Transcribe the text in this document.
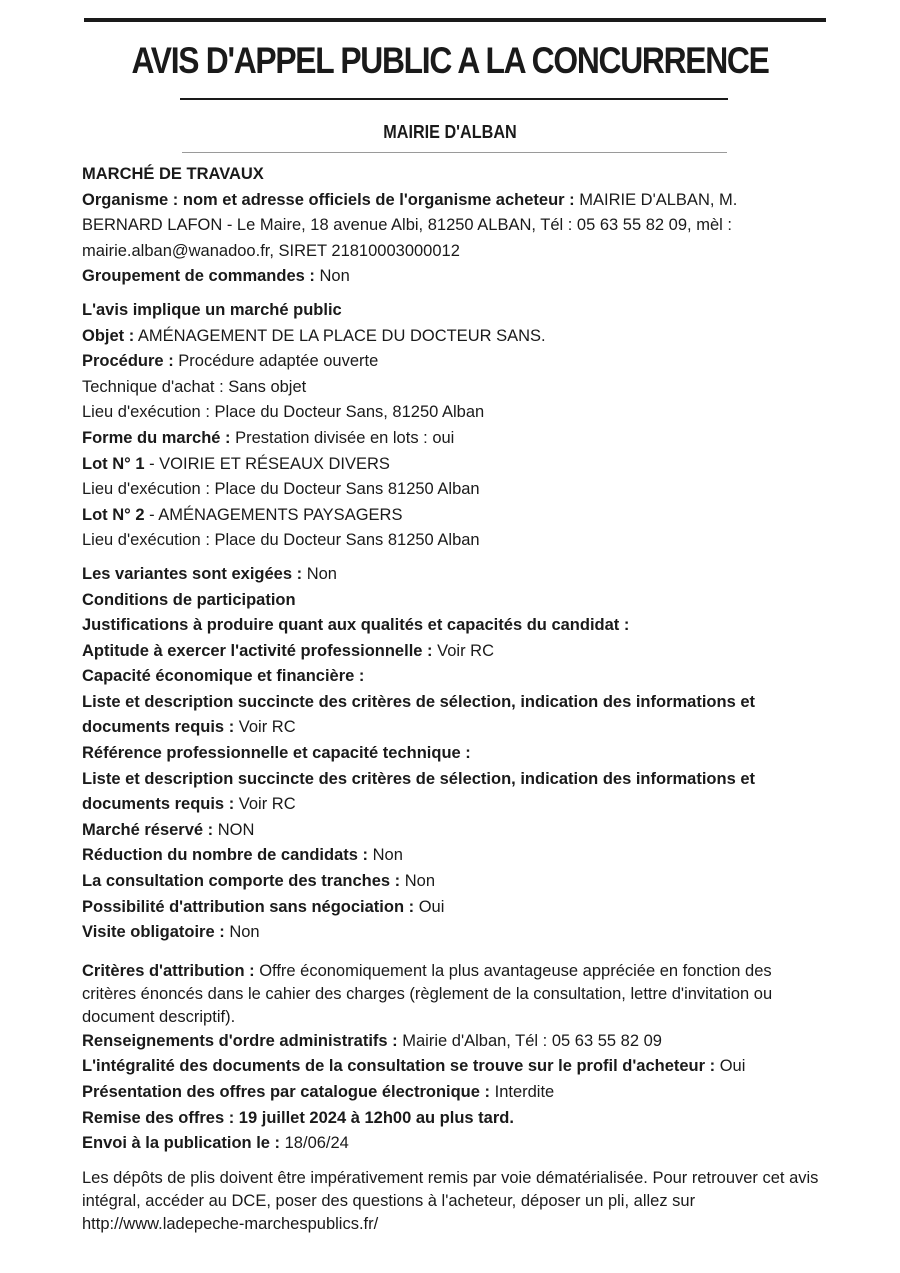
AVIS D'APPEL PUBLIC A LA CONCURRENCE
MAIRIE D'ALBAN

MARCHÉ DE TRAVAUX

Organisme : nom et adresse officiels de l'organisme acheteur : MAIRIE D'ALBAN, M. BERNARD LAFON - Le Maire, 18 avenue Albi, 81250 ALBAN, Tél : 05 63 55 82 09, mèl : mairie.alban@wanadoo.fr, SIRET 21810003000012

Groupement de commandes : Non

L'avis implique un marché public

Objet : AMÉNAGEMENT DE LA PLACE DU DOCTEUR SANS.

Procédure : Procédure adaptée ouverte

Technique d'achat : Sans objet

Lieu d'exécution : Place du Docteur Sans, 81250 Alban

Forme du marché : Prestation divisée en lots : oui

Lot N° 1 - VOIRIE ET RÉSEAUX DIVERS

Lieu d'exécution : Place du Docteur Sans 81250 Alban

Lot N° 2 - AMÉNAGEMENTS PAYSAGERS

Lieu d'exécution : Place du Docteur Sans 81250 Alban

Les variantes sont exigées : Non

Conditions de participation

Justifications à produire quant aux qualités et capacités du candidat :

Aptitude à exercer l'activité professionnelle : Voir RC

Capacité économique et financière :

Liste et description succincte des critères de sélection, indication des informations et documents requis : Voir RC

Référence professionnelle et capacité technique :

Liste et description succincte des critères de sélection, indication des informations et documents requis : Voir RC

Marché réservé : NON

Réduction du nombre de candidats : Non

La consultation comporte des tranches : Non

Possibilité d'attribution sans négociation : Oui

Visite obligatoire : Non

Critères d'attribution : Offre économiquement la plus avantageuse appréciée en fonction des critères énoncés dans le cahier des charges (règlement de la consultation, lettre d'invitation ou document descriptif).

Renseignements d'ordre administratifs : Mairie d'Alban, Tél : 05 63 55 82 09

L'intégralité des documents de la consultation se trouve sur le profil d'acheteur : Oui

Présentation des offres par catalogue électronique : Interdite

Remise des offres : 19 juillet 2024 à 12h00 au plus tard.

Envoi à la publication le : 18/06/24

Les dépôts de plis doivent être impérativement remis par voie dématérialisée. Pour retrouver cet avis intégral, accéder au DCE, poser des questions à l'acheteur, déposer un pli, allez sur http://www.ladepeche-marchespublics.fr/
